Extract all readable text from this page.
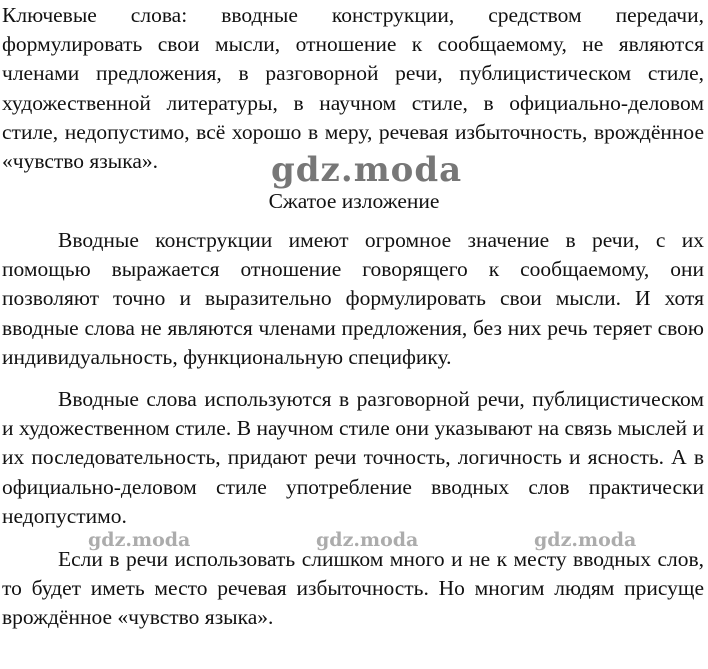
Ключевые слова: вводные конструкции, средством передачи, формулировать свои мысли, отношение к сообщаемому, не являются членами предложения, в разговорной речи, публицистическом стиле, художественной литературы, в научном стиле, в официально-деловом стиле, недопустимо, всё хорошо в меру, речевая избыточность, врождённое «чувство языка».

Сжатое изложение

Вводные конструкции имеют огромное значение в речи, с их помощью выражается отношение говорящего к сообщаемому, они позволяют точно и выразительно формулировать свои мысли. И хотя вводные слова не являются членами предложения, без них речь теряет свою индивидуальность, функциональную специфику.

Вводные слова используются в разговорной речи, публицистическом и художественном стиле. В научном стиле они указывают на связь мыслей и их последовательность, придают речи точность, логичность и ясность. А в официально-деловом стиле употребление вводных слов практически недопустимо.

Если в речи использовать слишком много и не к месту вводных слов, то будет иметь место речевая избыточность. Но многим людям присуще врождённое «чувство языка».

gdz.moda
gdz.moda	gdz.moda	gdz.moda
